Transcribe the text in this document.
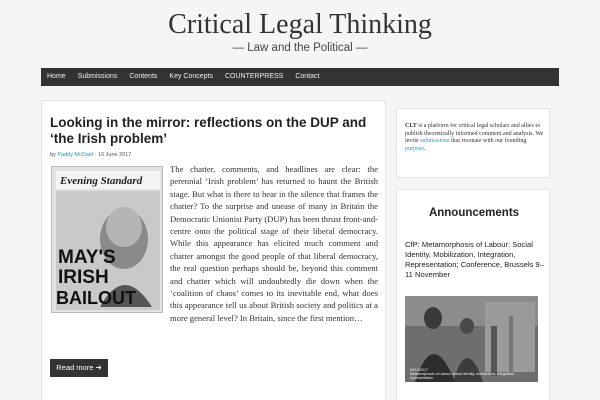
Critical Legal Thinking
— Law and the Political —
Home	Submissions	Contents	Key Concepts	COUNTERPRESS	Contact
Looking in the mirror: reflections on the DUP and ‘the Irish problem’
by Paddy McDaid · 16 June 2017
The chatter, comments, and headlines are clear: the perennial ‘Irish problem’ has returned to haunt the British stage. But what is there to hear in the silence that frames the chatter? To the surprise and unease of many in Britain the Democratic Unionist Party (DUP) has been thrust front-and-centre onto the political stage of their liberal democracy. While this appearance has elicited much comment and chatter amongst the good people of that liberal democracy, the real question perhaps should be, beyond this comment and chatter which will undoubtedly die down when the ‘coalition of chaos’ comes to its inevitable end, what does this appearance tell us about British society and politics at a more general level? In Britain, since the first mention…
Evening Standard
MAY'S
IRISH
BAILOUT
Read more ➜
CLT is a platform for critical legal scholars and allies to publish theoretically informed comment and analysis. We invite submissions that resonate with our founding purpose.
Announcements
CfP: Metamorphosis of Labour: Social Identity, Mobilization, Integration, Representation; Conference, Brussels 9–11 November
IWT/A2017
Metamorphosis of Labour: social identity, mobilization, integration, representation
